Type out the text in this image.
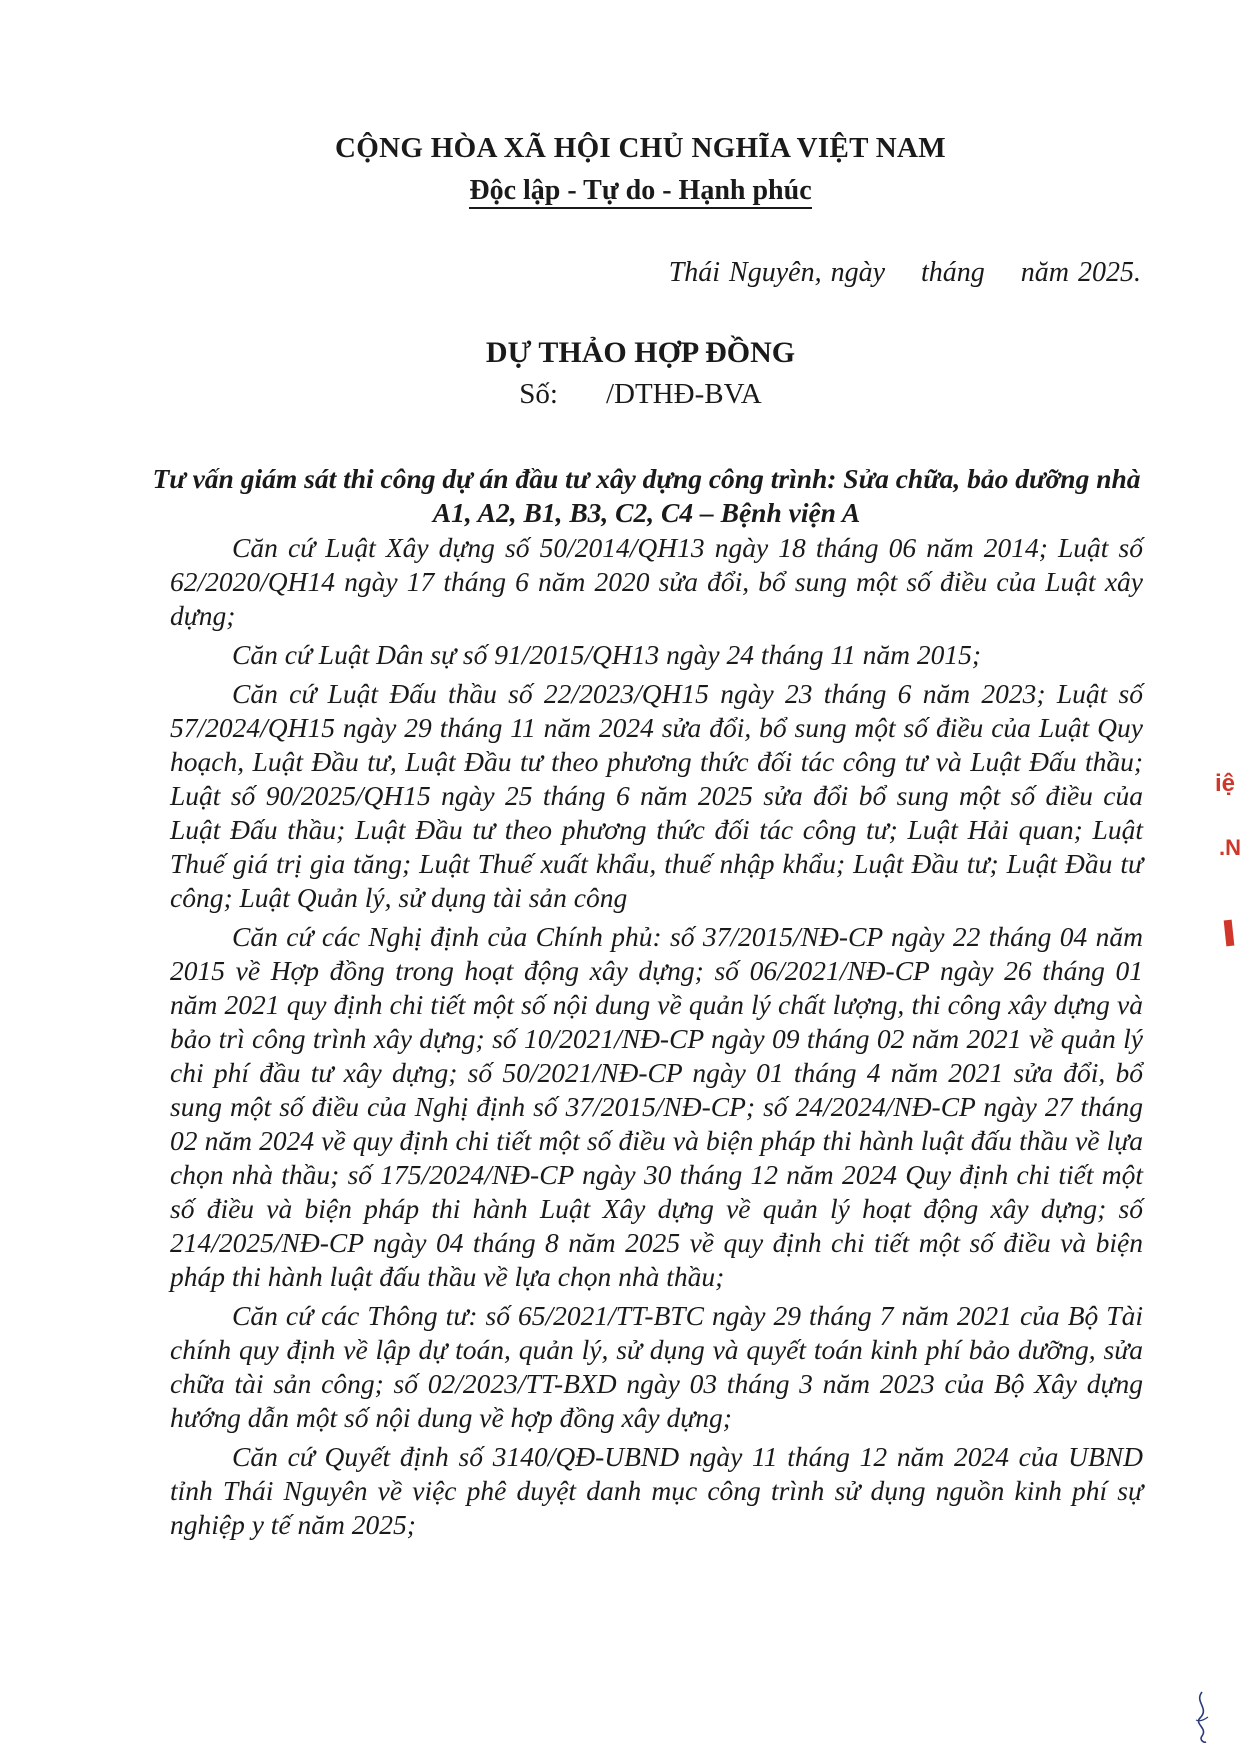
CỘNG HÒA XÃ HỘI CHỦ NGHĨA VIỆT NAM

Độc lập - Tự do - Hạnh phúc

Thái Nguyên, ngày    tháng    năm 2025.

DỰ THẢO HỢP ĐỒNG

Số: /DTHĐ-BVA

Tư vấn giám sát thi công dự án đầu tư xây dựng công trình: Sửa chữa, bảo dưỡng nhà A1, A2, B1, B3, C2, C4 – Bệnh viện A

Căn cứ Luật Xây dựng số 50/2014/QH13 ngày 18 tháng 06 năm 2014; Luật số 62/2020/QH14 ngày 17 tháng 6 năm 2020 sửa đổi, bổ sung một số điều của Luật xây dựng;

Căn cứ Luật Dân sự số 91/2015/QH13 ngày 24 tháng 11 năm 2015;

Căn cứ Luật Đấu thầu số 22/2023/QH15 ngày 23 tháng 6 năm 2023; Luật số 57/2024/QH15 ngày 29 tháng 11 năm 2024 sửa đổi, bổ sung một số điều của Luật Quy hoạch, Luật Đầu tư, Luật Đầu tư theo phương thức đối tác công tư và Luật Đấu thầu; Luật số 90/2025/QH15 ngày 25 tháng 6 năm 2025 sửa đổi bổ sung một số điều của Luật Đấu thầu; Luật Đầu tư theo phương thức đối tác công tư; Luật Hải quan; Luật Thuế giá trị gia tăng; Luật Thuế xuất khẩu, thuế nhập khẩu; Luật Đầu tư; Luật Đầu tư công; Luật Quản lý, sử dụng tài sản công

Căn cứ các Nghị định của Chính phủ: số 37/2015/NĐ-CP ngày 22 tháng 04 năm 2015 về Hợp đồng trong hoạt động xây dựng; số 06/2021/NĐ-CP ngày 26 tháng 01 năm 2021 quy định chi tiết một số nội dung về quản lý chất lượng, thi công xây dựng và bảo trì công trình xây dựng; số 10/2021/NĐ-CP ngày 09 tháng 02 năm 2021 về quản lý chi phí đầu tư xây dựng; số 50/2021/NĐ-CP ngày 01 tháng 4 năm 2021 sửa đổi, bổ sung một số điều của Nghị định số 37/2015/NĐ-CP; số 24/2024/NĐ-CP ngày 27 tháng 02 năm 2024 về quy định chi tiết một số điều và biện pháp thi hành luật đấu thầu về lựa chọn nhà thầu; số 175/2024/NĐ-CP ngày 30 tháng 12 năm 2024 Quy định chi tiết một số điều và biện pháp thi hành Luật Xây dựng về quản lý hoạt động xây dựng; số 214/2025/NĐ-CP ngày 04 tháng 8 năm 2025 về quy định chi tiết một số điều và biện pháp thi hành luật đấu thầu về lựa chọn nhà thầu;

Căn cứ các Thông tư: số 65/2021/TT-BTC ngày 29 tháng 7 năm 2021 của Bộ Tài chính quy định về lập dự toán, quản lý, sử dụng và quyết toán kinh phí bảo dưỡng, sửa chữa tài sản công; số 02/2023/TT-BXD ngày 03 tháng 3 năm 2023 của Bộ Xây dựng hướng dẫn một số nội dung về hợp đồng xây dựng;

Căn cứ Quyết định số 3140/QĐ-UBND ngày 11 tháng 12 năm 2024 của UBND tỉnh Thái Nguyên về việc phê duyệt danh mục công trình sử dụng nguồn kinh phí sự nghiệp y tế năm 2025;

iệ
.N
